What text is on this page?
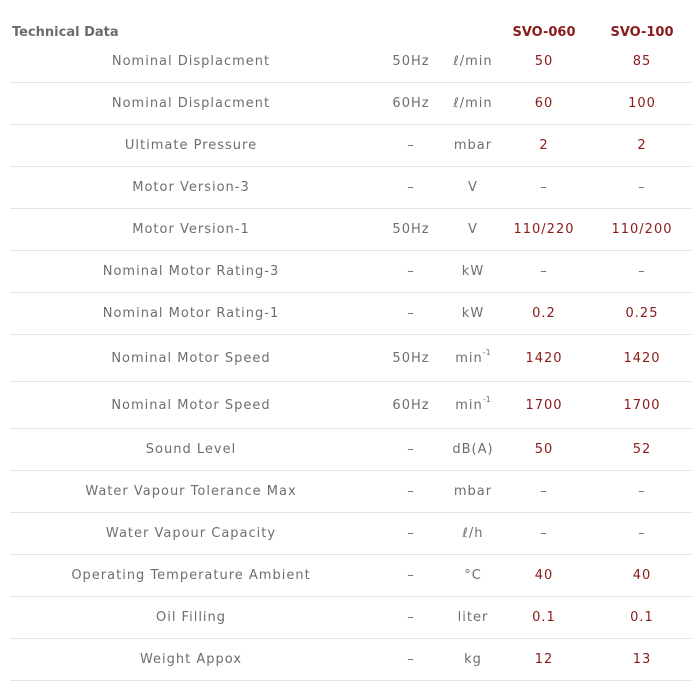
Technical Data			SVO-060	SVO-100
Nominal Displacment	50Hz	ℓ/min	50	85
Nominal Displacment	60Hz	ℓ/min	60	100
Ultimate Pressure	–	mbar	2	2
Motor Version-3	–	V	–	–
Motor Version-1	50Hz	V	110/220	110/200
Nominal Motor Rating-3	–	kW	–	–
Nominal Motor Rating-1	–	kW	0.2	0.25
Nominal Motor Speed	50Hz	$\min^{-1}$	1420	1420
Nominal Motor Speed	60Hz	$\min^{-1}$	1700	1700
Sound Level	–	dB(A)	50	52
Water Vapour Tolerance Max	–	mbar	–	–
Water Vapour Capacity	–	ℓ/h	–	–
Operating Temperature Ambient	–	°C	40	40
Oil Filling	–	liter	0.1	0.1
Weight Appox	–	kg	12	13
